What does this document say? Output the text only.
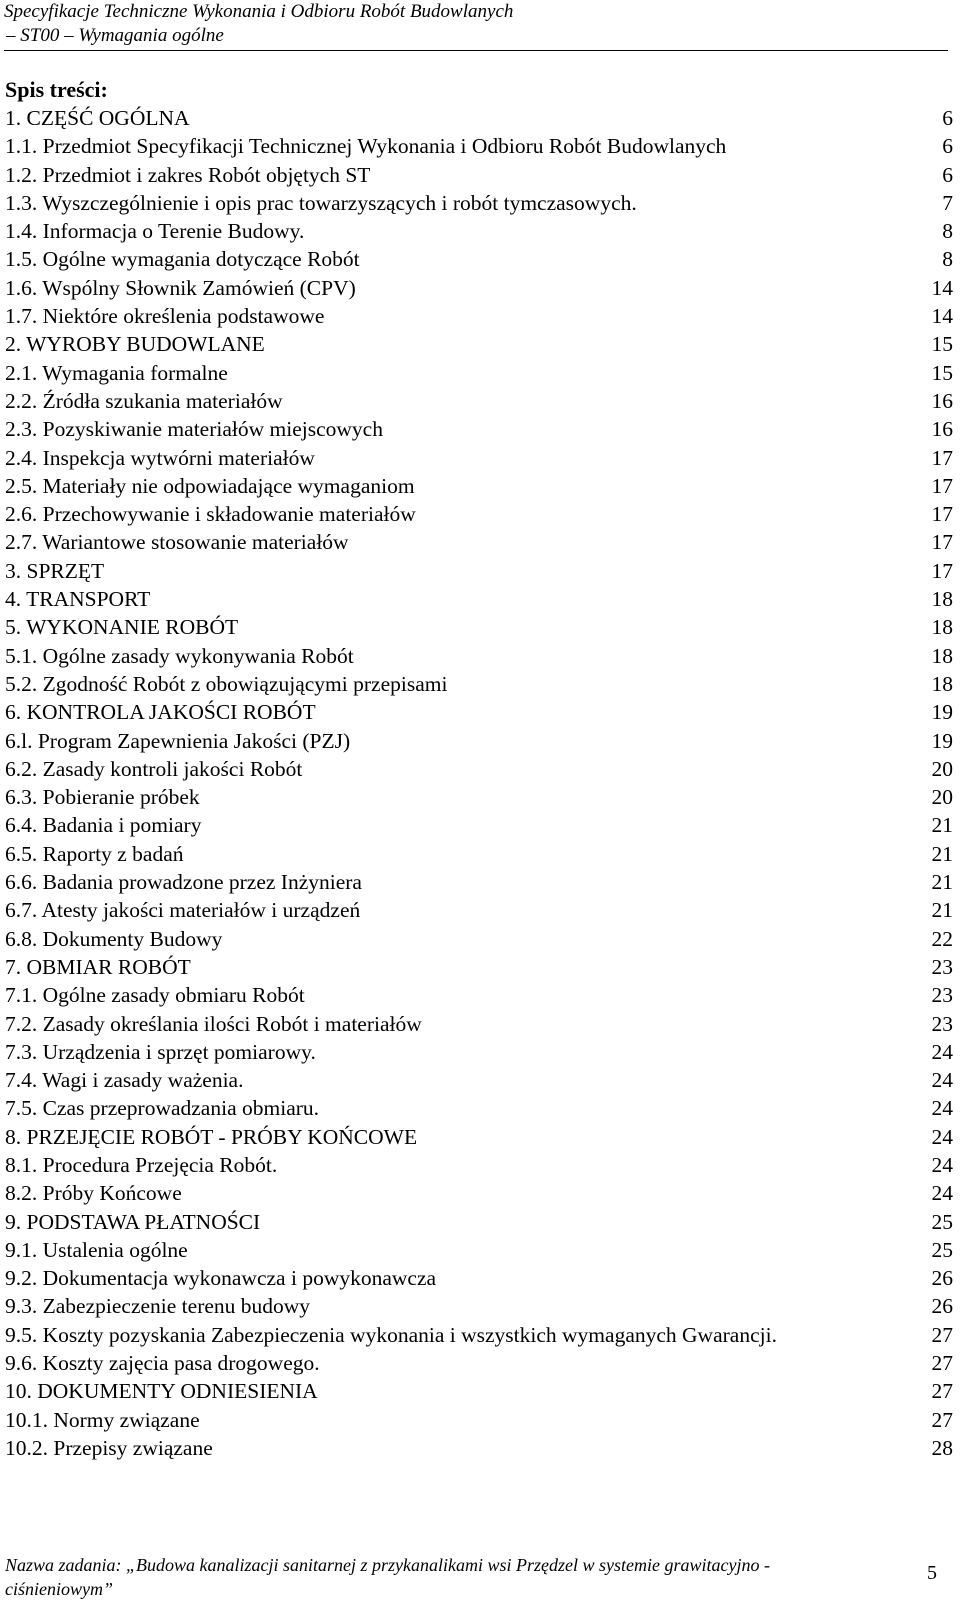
Specyfikacje Techniczne Wykonania i Odbioru Robót Budowlanych
– ST00 – Wymagania ogólne
Spis treści:
1. CZĘŚĆ OGÓLNA	6
1.1. Przedmiot Specyfikacji Technicznej Wykonania i Odbioru Robót Budowlanych	6
1.2. Przedmiot i zakres Robót objętych ST	6
1.3. Wyszczególnienie i opis prac towarzyszących i robót tymczasowych.	7
1.4. Informacja o Terenie Budowy.	8
1.5. Ogólne wymagania dotyczące Robót	8
1.6. Wspólny Słownik Zamówień (CPV)	14
1.7. Niektóre określenia podstawowe	14
2. WYROBY BUDOWLANE	15
2.1. Wymagania formalne	15
2.2. Źródła szukania materiałów	16
2.3. Pozyskiwanie materiałów miejscowych	16
2.4. Inspekcja wytwórni materiałów	17
2.5. Materiały nie odpowiadające wymaganiom	17
2.6. Przechowywanie i składowanie materiałów	17
2.7. Wariantowe stosowanie materiałów	17
3. SPRZĘT	17
4. TRANSPORT	18
5. WYKONANIE ROBÓT	18
5.1. Ogólne zasady wykonywania Robót	18
5.2. Zgodność Robót z obowiązującymi przepisami	18
6. KONTROLA JAKOŚCI ROBÓT	19
6.l. Program Zapewnienia Jakości (PZJ)	19
6.2. Zasady kontroli jakości Robót	20
6.3. Pobieranie próbek	20
6.4. Badania i pomiary	21
6.5. Raporty z badań	21
6.6. Badania prowadzone przez Inżyniera	21
6.7. Atesty jakości materiałów i urządzeń	21
6.8. Dokumenty Budowy	22
7. OBMIAR ROBÓT	23
7.1. Ogólne zasady obmiaru Robót	23
7.2. Zasady określania ilości Robót i materiałów	23
7.3. Urządzenia i sprzęt pomiarowy.	24
7.4. Wagi i zasady ważenia.	24
7.5. Czas przeprowadzania obmiaru.	24
8. PRZEJĘCIE ROBÓT - PRÓBY KOŃCOWE	24
8.1. Procedura Przejęcia Robót.	24
8.2. Próby Końcowe	24
9. PODSTAWA PŁATNOŚCI	25
9.1. Ustalenia ogólne	25
9.2. Dokumentacja wykonawcza i powykonawcza	26
9.3. Zabezpieczenie terenu budowy	26
9.5. Koszty pozyskania Zabezpieczenia wykonania i wszystkich wymaganych Gwarancji.	27
9.6. Koszty zajęcia pasa drogowego.	27
10. DOKUMENTY ODNIESIENIA	27
10.1. Normy związane	27
10.2. Przepisy związane	28
Nazwa zadania: „Budowa kanalizacji sanitarnej z przykanalikami wsi Przędzel w systemie grawitacyjno -
ciśnieniowym”
5
